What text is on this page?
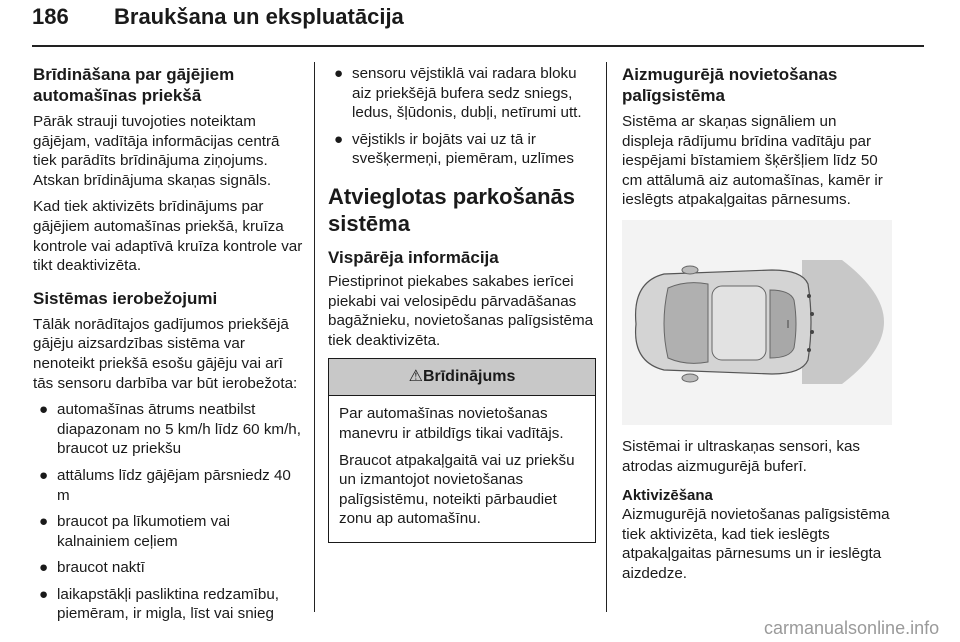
186 Braukšana un ekspluatācija
Brīdināšana par gājējiem automašīnas priekšā

Pārāk strauji tuvojoties noteiktam gājējam, vadītāja informācijas centrā tiek parādīts brīdinājuma ziņojums. Atskan brīdinājuma skaņas signāls.

Kad tiek aktivizēts brīdinājums par gājējiem automašīnas priekšā, kruīza kontrole vai adaptīvā kruīza kontrole var tikt deaktivizēta.

Sistēmas ierobežojumi

Tālāk norādītajos gadījumos priekšējā gājēju aizsardzības sistēma var nenoteikt priekšā esošu gājēju vai arī tās sensoru darbība var būt ierobežota:

● automašīnas ātrums neatbilst diapazonam no 5 km/h līdz 60 km/h, braucot uz priekšu
● attālums līdz gājējam pārsniedz 40 m
● braucot pa līkumotiem vai kalnainiem ceļiem
● braucot naktī
● laikapstākļi pasliktina redzamību, piemēram, ir migla, līst vai snieg
● sensoru vējstiklā vai radara bloku aiz priekšējā bufera sedz sniegs, ledus, šļūdonis, dubļi, netīrumi utt.
● vējstikls ir bojāts vai uz tā ir svešķermeņi, piemēram, uzlīmes
Atvieglotas parkošanās sistēma
Vispārēja informācija

Piestiprinot piekabes sakabes ierīcei piekabi vai velosipēdu pārvadāšanas bagāžnieku, novietošanas palīgsistēma tiek deaktivizēta.

⚠Brīdinājums

Par automašīnas novietošanas manevru ir atbildīgs tikai vadītājs.

Braucot atpakaļgaitā vai uz priekšu un izmantojot novietošanas palīgsistēmu, noteikti pārbaudiet zonu ap automašīnu.

Aizmugurējā novietošanas palīgsistēma

Sistēma ar skaņas signāliem un displeja rādījumu brīdina vadītāju par iespējami bīstamiem šķēršļiem līdz 50 cm attālumā aiz automašīnas, kamēr ir ieslēgts atpakaļgaitas pārnesums.

Sistēmai ir ultraskaņas sensori, kas atrodas aizmugurējā buferī.

Aktivizēšana

Aizmugurējā novietošanas palīgsistēma tiek aktivizēta, kad tiek ieslēgts atpakaļgaitas pārnesums un ir ieslēgta aizdedze.

carmanualsonline.info
